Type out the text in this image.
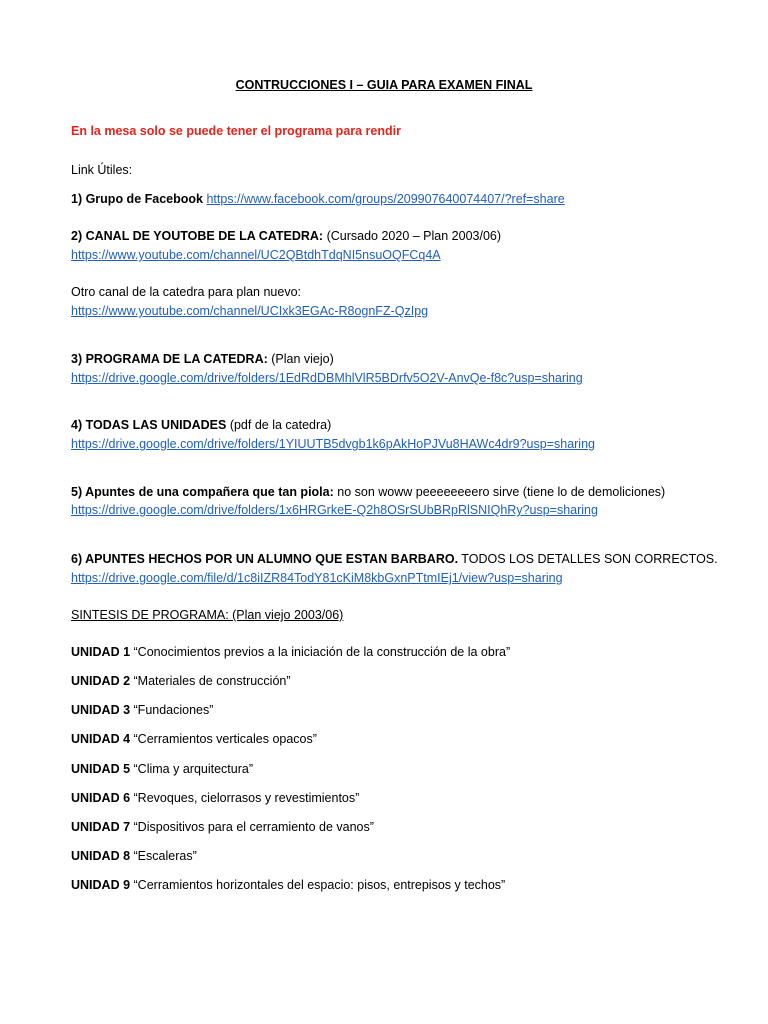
CONTRUCCIONES I – GUIA PARA EXAMEN FINAL
En la mesa solo se puede tener el programa para rendir
Link Útiles:
1) Grupo de Facebook https://www.facebook.com/groups/209907640074407/?ref=share
2) CANAL DE YOUTOBE DE LA CATEDRA: (Cursado 2020 – Plan 2003/06)
https://www.youtube.com/channel/UC2QBtdhTdqNI5nsuOQFCq4A
Otro canal de la catedra para plan nuevo:
https://www.youtube.com/channel/UCIxk3EGAc-R8ognFZ-QzIpg
3) PROGRAMA DE LA CATEDRA: (Plan viejo)
https://drive.google.com/drive/folders/1EdRdDBMhlVlR5BDrfv5O2V-AnvQe-f8c?usp=sharing
4) TODAS LAS UNIDADES (pdf de la catedra)
https://drive.google.com/drive/folders/1YIUUTB5dvgb1k6pAkHoPJVu8HAWc4dr9?usp=sharing
5) Apuntes de una compañera que tan piola: no son woww peeeeeeeero sirve (tiene lo de demoliciones)
https://drive.google.com/drive/folders/1x6HRGrkeE-Q2h8OSrSUbBRpRlSNIQhRy?usp=sharing
6) APUNTES HECHOS POR UN ALUMNO QUE ESTAN BARBARO. TODOS LOS DETALLES SON CORRECTOS.
https://drive.google.com/file/d/1c8iIZR84TodY81cKiM8kbGxnPTtmIEj1/view?usp=sharing
SINTESIS DE PROGRAMA: (Plan viejo 2003/06)
UNIDAD 1 “Conocimientos previos a la iniciación de la construcción de la obra”
UNIDAD 2 “Materiales de construcción”
UNIDAD 3 “Fundaciones”
UNIDAD 4 “Cerramientos verticales opacos”
UNIDAD 5 “Clima y arquitectura”
UNIDAD 6 “Revoques, cielorrasos y revestimientos”
UNIDAD 7 “Dispositivos para el cerramiento de vanos”
UNIDAD 8 “Escaleras”
UNIDAD 9 “Cerramientos horizontales del espacio: pisos, entrepisos y techos”
